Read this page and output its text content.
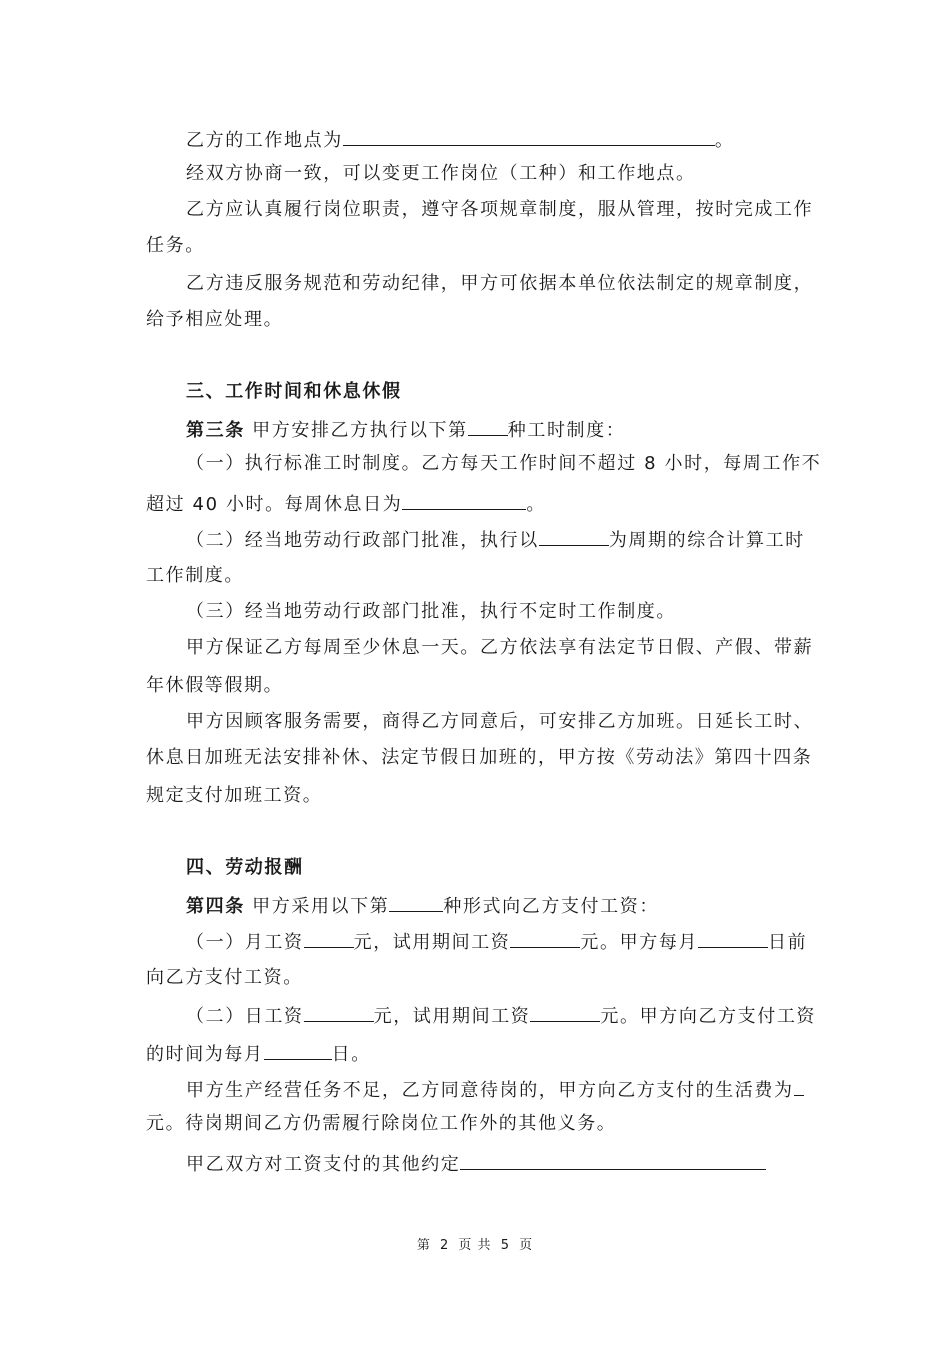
乙方的工作地点为	。
经双方协商一致，可以变更工作岗位（工种）和工作地点。
乙方应认真履行岗位职责，遵守各项规章制度，服从管理，按时完成工作
任务。
乙方违反服务规范和劳动纪律，甲方可依据本单位依法制定的规章制度，
给予相应处理。
三、工作时间和休息休假
第三条 甲方安排乙方执行以下第 种工时制度：
（一）执行标准工时制度。乙方每天工作时间不超过 8 小时，每周工作不
超过 40 小时。每周休息日为	。
（二）经当地劳动行政部门批准，执行以	为周期的综合计算工时
工作制度。
（三）经当地劳动行政部门批准，执行不定时工作制度。
甲方保证乙方每周至少休息一天。乙方依法享有法定节日假、产假、带薪
年休假等假期。
甲方因顾客服务需要，商得乙方同意后，可安排乙方加班。日延长工时、
休息日加班无法安排补休、法定节假日加班的，甲方按《劳动法》第四十四条
规定支付加班工资。
四、劳动报酬
第四条 甲方采用以下第	种形式向乙方支付工资：
（一）月工资	元，试用期间工资	元。甲方每月	日前
向乙方支付工资。
（二）日工资	元，试用期间工资	元。甲方向乙方支付工资
的时间为每月	日。
甲方生产经营任务不足，乙方同意待岗的，甲方向乙方支付的生活费为
元。待岗期间乙方仍需履行除岗位工作外的其他义务。
甲乙双方对工资支付的其他约定
第 2 页 共 5 页
